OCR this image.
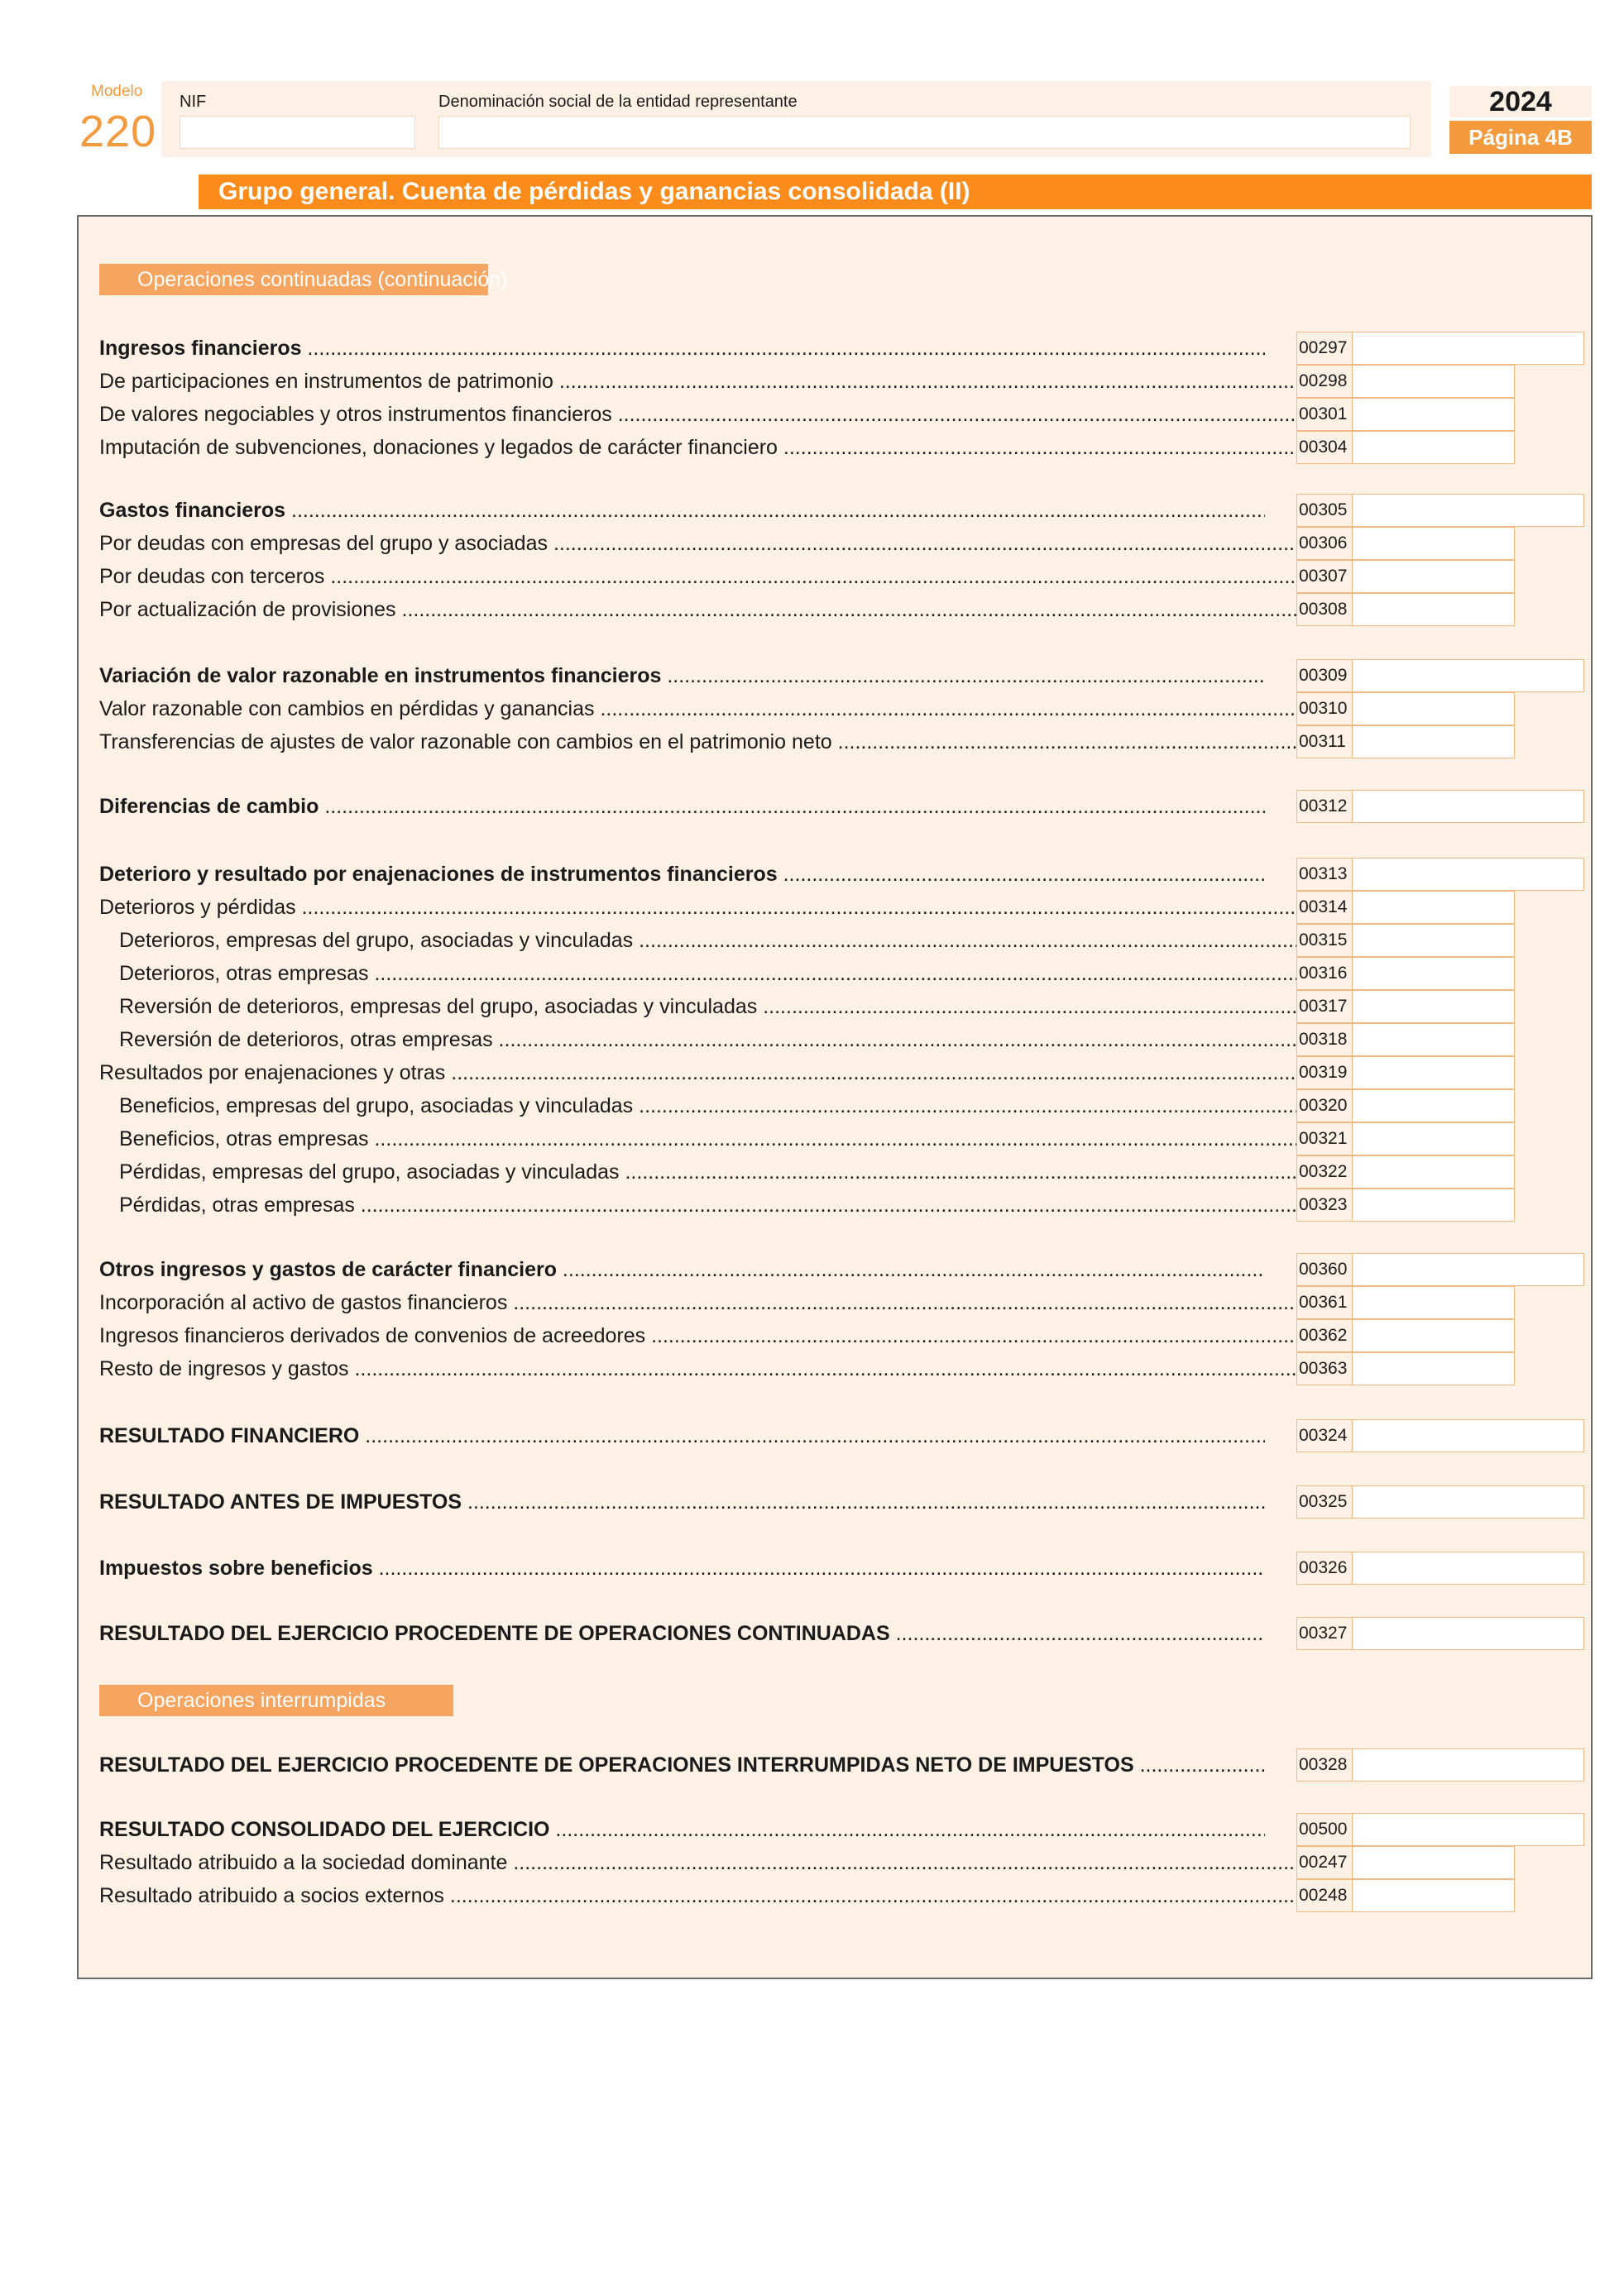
Modelo
220
NIF	Denominación social de la entidad representante	2024
Página 4B
Grupo general. Cuenta de pérdidas y ganancias consolidada (II)
Operaciones continuadas (continuación)
Ingresos financieros .....	00297
De participaciones en instrumentos de patrimonio .....	00298
De valores negociables y otros instrumentos financieros .....	00301
Imputación de subvenciones, donaciones y legados de carácter financiero .....	00304
Gastos financieros .....	00305
Por deudas con empresas del grupo y asociadas .....	00306
Por deudas con terceros .....	00307
Por actualización de provisiones .....	00308
Variación de valor razonable en instrumentos financieros .....	00309
Valor razonable con cambios en pérdidas y ganancias .....	00310
Transferencias de ajustes de valor razonable con cambios en el patrimonio neto .....	00311
Diferencias de cambio .....	00312
Deterioro y resultado por enajenaciones de instrumentos financieros .....	00313
Deterioros y pérdidas .....	00314
Deterioros, empresas del grupo, asociadas y vinculadas .....	00315
Deterioros, otras empresas .....	00316
Reversión de deterioros, empresas del grupo, asociadas y vinculadas .....	00317
Reversión de deterioros, otras empresas .....	00318
Resultados por enajenaciones y otras .....	00319
Beneficios, empresas del grupo, asociadas y vinculadas .....	00320
Beneficios, otras empresas .....	00321
Pérdidas, empresas del grupo, asociadas y vinculadas .....	00322
Pérdidas, otras empresas .....	00323
Otros ingresos y gastos de carácter financiero .....	00360
Incorporación al activo de gastos financieros .....	00361
Ingresos financieros derivados de convenios de acreedores .....	00362
Resto de ingresos y gastos .....	00363
RESULTADO FINANCIERO .....	00324
RESULTADO ANTES DE IMPUESTOS .....	00325
Impuestos sobre beneficios .....	00326
RESULTADO DEL EJERCICIO PROCEDENTE DE OPERACIONES CONTINUADAS .....	00327
Operaciones interrumpidas
RESULTADO DEL EJERCICIO PROCEDENTE DE OPERACIONES INTERRUMPIDAS NETO DE IMPUESTOS .....	00328
RESULTADO CONSOLIDADO DEL EJERCICIO .....	00500
Resultado atribuido a la sociedad dominante .....	00247
Resultado atribuido a socios externos .....	00248
